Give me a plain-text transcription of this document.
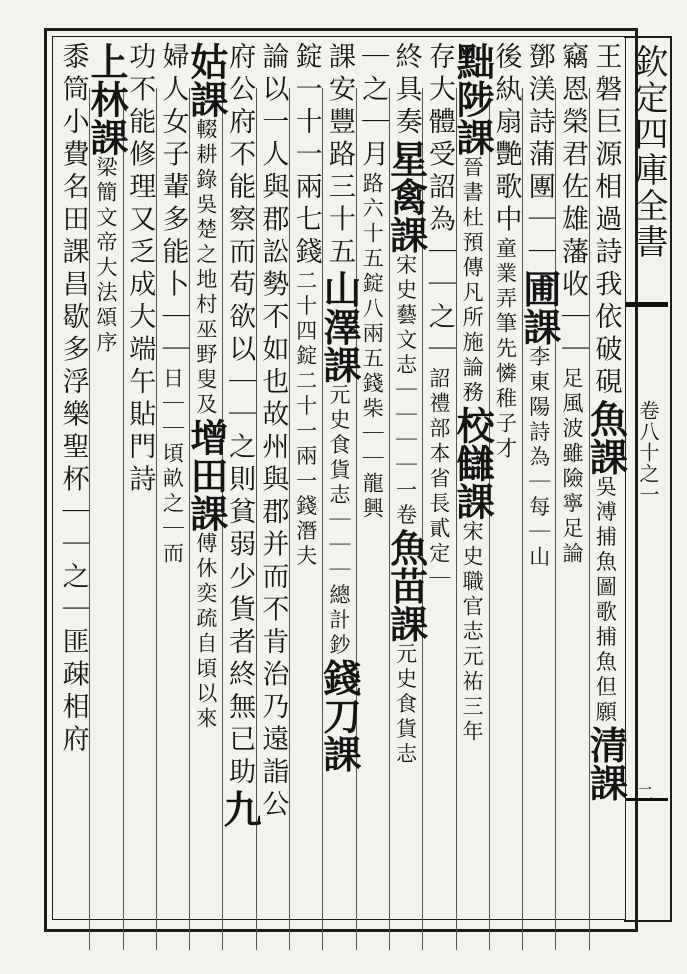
欽定四庫全書
卷八十之一
二
王磐巨源相過詩我依破硯魚課吳溥捕魚圖歌捕魚但願清課
竊恩榮君佐雄藩收｜｜足風波雖險寧足論
鄧渼詩蒲團｜｜圃課李東陽詩為｜每｜山
後紈扇艷歌中童業弄筆先憐稚子才
黜陟課晉書杜預傳凡所施論務校讎課宋史職官志元祐三年
存大體受詔為｜｜之｜詔禮部本省長貳定｜
終具奏星禽課宋史藝文志｜｜｜｜一卷魚苗課元史食貨志
｜之｜月路六十五錠八兩五錢柴｜｜龍興
課安豐路三十五山澤課元史食貨志｜｜｜總計鈔錢刀課
錠一十一兩七錢二十四錠二十一兩一錢潛夫
論以一人與郡訟勢不如也故州與郡并而不肯治乃遠詣公
府公府不能察而苟欲以｜｜之則貧弱少貨者終無已助九
姑課輟耕錄吳楚之地村巫野叟及增田課傅休奕疏自頃以來
婦人女子輩多能卜｜｜日｜｜頃畝之｜而
功不能修理又乏成大端午貼門詩
上林課梁簡文帝大法頌序
黍筒小費名田課昌歇多浮樂聖杯｜｜之｜匪疎相府
